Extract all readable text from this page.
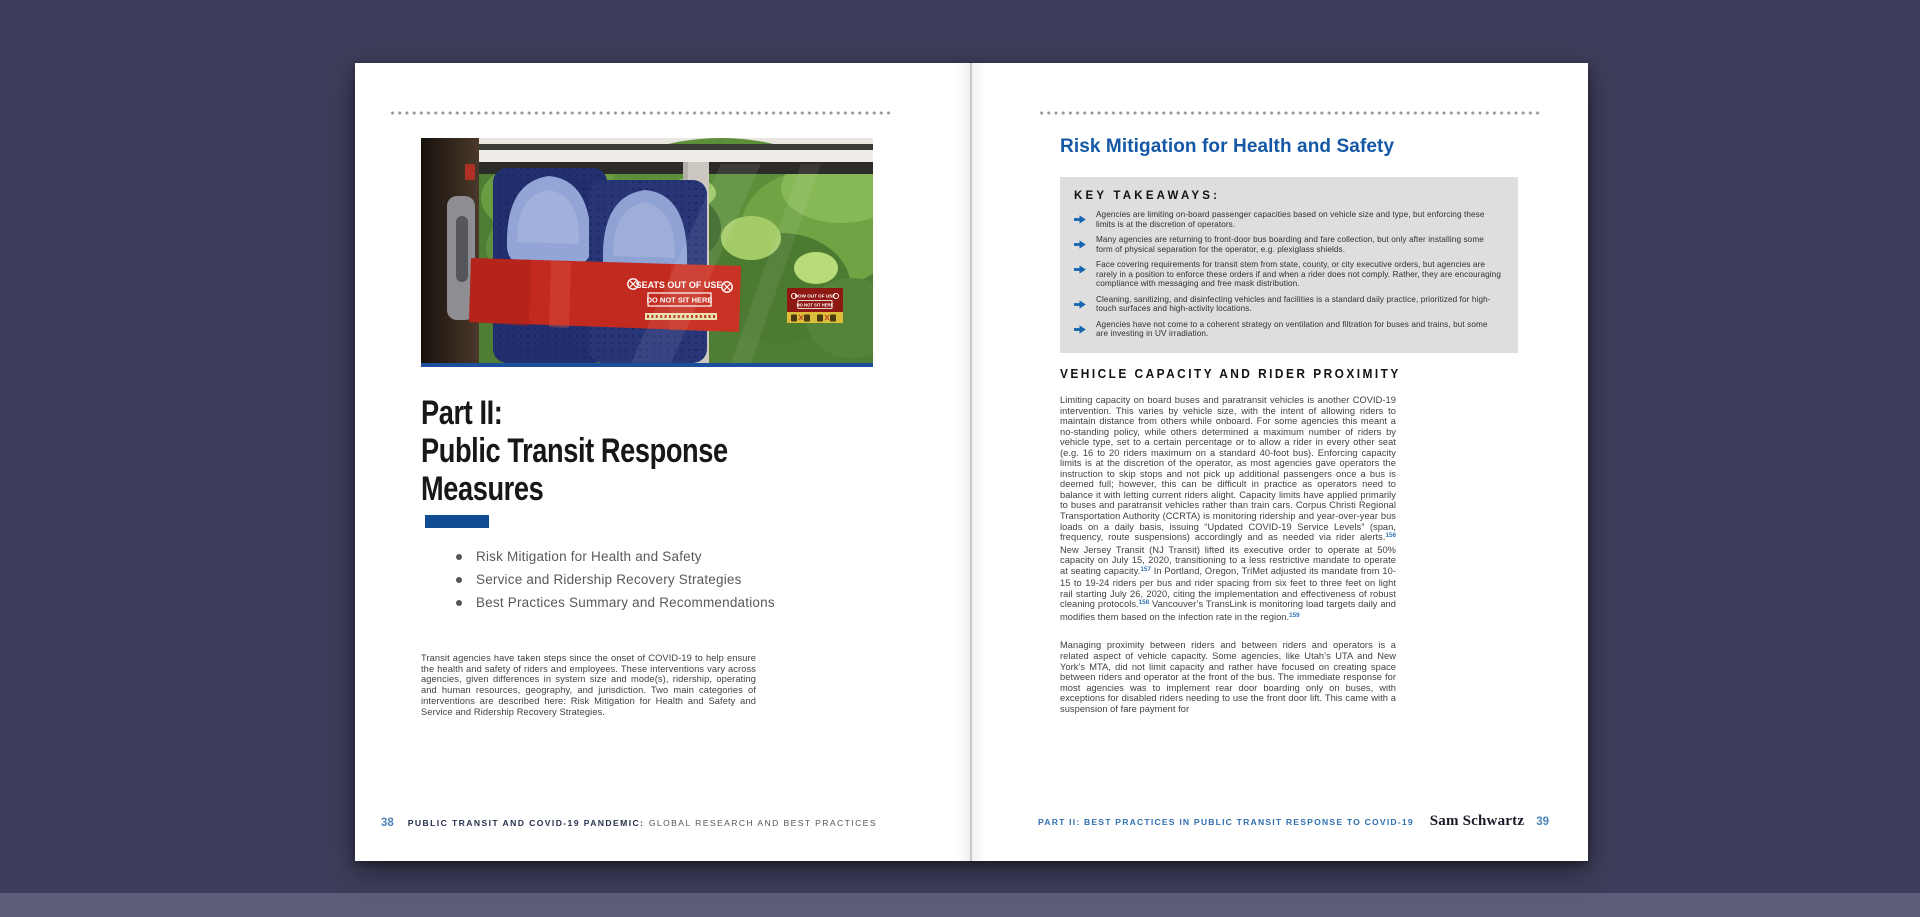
SEATS OUT OF USE
DO NOT SIT HERE	ROW OUT OF USE
DO NOT SIT HERE
Part II:
Public Transit Response
Measures
Risk Mitigation for Health and Safety
Service and Ridership Recovery Strategies
Best Practices Summary and Recommendations
Transit agencies have taken steps since the onset of COVID-19 to help ensure the health and safety of riders and employees. These interventions vary across agencies, given differences in system size and mode(s), ridership, operating and human resources, geography, and jurisdiction. Two main categories of interventions are described here: Risk Mitigation for Health and Safety and Service and Ridership Recovery Strategies.
38 PUBLIC TRANSIT AND COVID-19 PANDEMIC: GLOBAL RESEARCH AND BEST PRACTICES
Risk Mitigation for Health and Safety
KEY TAKEAWAYS:
Agencies are limiting on-board passenger capacities based on vehicle size and type, but enforcing these limits is at the discretion of operators.
Many agencies are returning to front-door bus boarding and fare collection, but only after installing some form of physical separation for the operator, e.g. plexiglass shields.
Face covering requirements for transit stem from state, county, or city executive orders, but agencies are rarely in a position to enforce these orders if and when a rider does not comply. Rather, they are encouraging compliance with messaging and free mask distribution.
Cleaning, sanitizing, and disinfecting vehicles and facilities is a standard daily practice, prioritized for high-touch surfaces and high-activity locations.
Agencies have not come to a coherent strategy on ventilation and filtration for buses and trains, but some are investing in UV irradiation.
VEHICLE CAPACITY AND RIDER PROXIMITY

Limiting capacity on board buses and paratransit vehicles is another COVID-19 intervention. This varies by vehicle size, with the intent of allowing riders to maintain distance from others while onboard. For some agencies this meant a no-standing policy, while others determined a maximum number of riders by vehicle type, set to a certain percentage or to allow a rider in every other seat (e.g. 16 to 20 riders maximum on a standard 40-foot bus). Enforcing capacity limits is at the discretion of the operator, as most agencies gave operators the instruction to skip stops and not pick up additional passengers once a bus is deemed full; however, this can be difficult in practice as operators need to balance it with letting current riders alight. Capacity limits have applied primarily to buses and paratransit vehicles rather than train cars. Corpus Christi Regional Transportation Authority (CCRTA) is monitoring ridership and year-over-year bus loads on a daily basis, issuing “Updated COVID-19 Service Levels” (span, frequency, route suspensions) accordingly and as needed via rider alerts.$^{156}$ New Jersey Transit (NJ Transit) lifted its executive order to operate at 50% capacity on July 15, 2020, transitioning to a less restrictive mandate to operate at seating capacity.$^{157}$ In Portland, Oregon, TriMet adjusted its mandate from 10-15 to 19-24 riders per bus and rider spacing from six feet to three feet on light rail starting July 26, 2020, citing the implementation and effectiveness of robust cleaning protocols.$^{158}$ Vancouver’s TransLink is monitoring load targets daily and modifies them based on the infection rate in the region.$^{159}$

Managing proximity between riders and between riders and operators is a related aspect of vehicle capacity. Some agencies, like Utah’s UTA and New York’s MTA, did not limit capacity and rather have focused on creating space between riders and operator at the front of the bus. The immediate response for most agencies was to implement rear door boarding only on buses, with exceptions for disabled riders needing to use the front door lift. This came with a suspension of fare payment for

PART II: BEST PRACTICES IN PUBLIC TRANSIT RESPONSE TO COVID-19 Sam Schwartz 39
